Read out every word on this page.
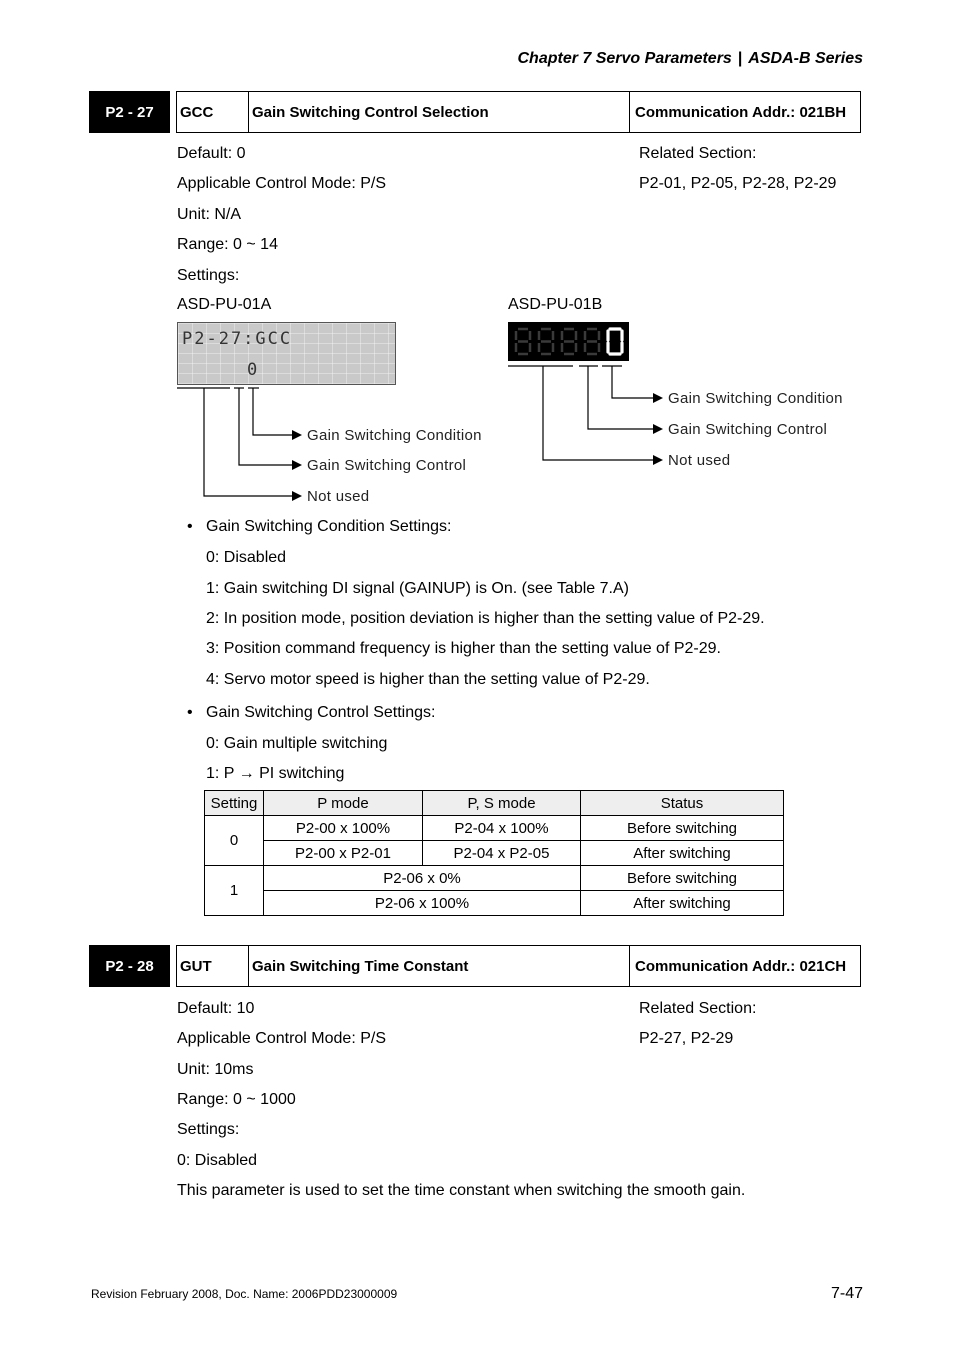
Chapter 7 Servo Parameters | ASDA-B Series
P2 - 27	GCC	Gain Switching Control Selection	Communication Addr.: 021BH
Default: 0
Applicable Control Mode: P/S
Unit: N/A
Range: 0 ~ 14
Settings:
Related Section:
P2-01, P2-05, P2-28, P2-29
ASD-PU-01A	ASD-PU-01B
P2-27:GCC
0
Gain Switching Condition
Gain Switching Control
Not used
Gain Switching Condition
Gain Switching Control
Not used
• Gain Switching Condition Settings:
0: Disabled
1: Gain switching DI signal (GAINUP) is On. (see Table 7.A)
2: In position mode, position deviation is higher than the setting value of P2-29.
3: Position command frequency is higher than the setting value of P2-29.
4: Servo motor speed is higher than the setting value of P2-29.
• Gain Switching Control Settings:
0: Gain multiple switching
1: P → PI switching
Setting	P mode	P, S mode	Status
0	P2-00 x 100%	P2-04 x 100%	Before switching
	P2-00 x P2-01	P2-04 x P2-05	After switching
1	P2-06 x 0%		Before switching
	P2-06 x 100%		After switching
P2 - 28	GUT	Gain Switching Time Constant	Communication Addr.: 021CH
Default: 10
Applicable Control Mode: P/S
Unit: 10ms
Range: 0 ~ 1000
Settings:
0: Disabled
This parameter is used to set the time constant when switching the smooth gain.
Related Section:
P2-27, P2-29
Revision February 2008, Doc. Name: 2006PDD23000009	7-47
